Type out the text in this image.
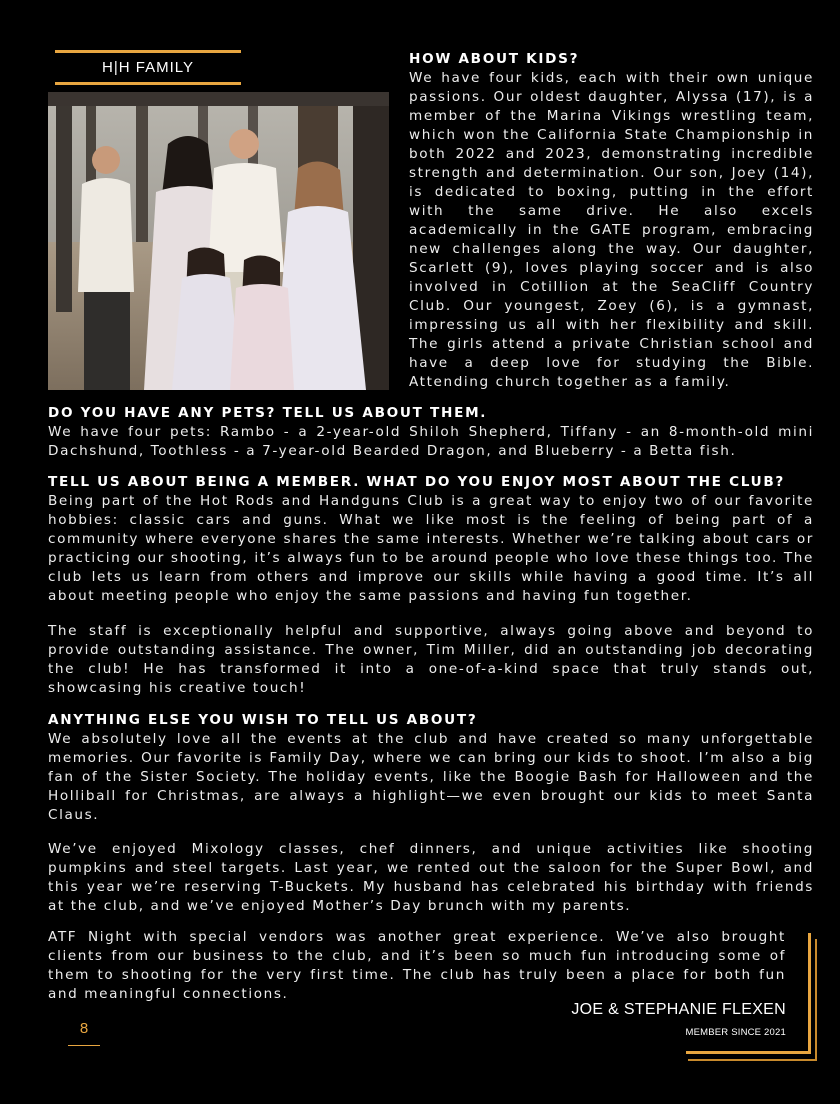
H|H FAMILY	HOW ABOUT KIDS?

We have four kids, each with their own unique passions. Our oldest daughter, Alyssa (17), is a member of the Marina Vikings wrestling team, which won the California State Championship in both 2022 and 2023, demonstrating incredible strength and determination. Our son, Joey (14), is dedicated to boxing, putting in the effort with the same drive. He also excels academically in the GATE program, embracing new challenges along the way. Our daughter, Scarlett (9), loves playing soccer and is also involved in Cotillion at the SeaCliff Country Club. Our youngest, Zoey (6), is a gymnast, impressing us all with her flexibility and skill. The girls attend a private Christian school and have a deep love for studying the Bible. Attending church together as a family.

DO YOU HAVE ANY PETS? TELL US ABOUT THEM.

We have four pets: Rambo - a 2-year-old Shiloh Shepherd, Tiffany - an 8-month-old mini Dachshund, Toothless - a 7-year-old Bearded Dragon, and Blueberry - a Betta fish.

TELL US ABOUT BEING A MEMBER. WHAT DO YOU ENJOY MOST ABOUT THE CLUB?

Being part of the Hot Rods and Handguns Club is a great way to enjoy two of our favorite hobbies: classic cars and guns. What we like most is the feeling of being part of a community where everyone shares the same interests. Whether we’re talking about cars or practicing our shooting, it’s always fun to be around people who love these things too. The club lets us learn from others and improve our skills while having a good time. It’s all about meeting people who enjoy the same passions and having fun together.

The staff is exceptionally helpful and supportive, always going above and beyond to provide outstanding assistance. The owner, Tim Miller, did an outstanding job decorating the club! He has transformed it into a one-of-a-kind space that truly stands out, showcasing his creative touch!

ANYTHING ELSE YOU WISH TO TELL US ABOUT?

We absolutely love all the events at the club and have created so many unforgettable memories. Our favorite is Family Day, where we can bring our kids to shoot. I’m also a big fan of the Sister Society. The holiday events, like the Boogie Bash for Halloween and the Holliball for Christmas, are always a highlight—we even brought our kids to meet Santa Claus.

We’ve enjoyed Mixology classes, chef dinners, and unique activities like shooting pumpkins and steel targets. Last year, we rented out the saloon for the Super Bowl, and this year we’re reserving T-Buckets. My husband has celebrated his birthday with friends at the club, and we’ve enjoyed Mother’s Day brunch with my parents.

ATF Night with special vendors was another great experience. We’ve also brought clients from our business to the club, and it’s been so much fun introducing some of them to shooting for the very first time. The club has truly been a place for both fun and meaningful connections.

JOE & STEPHANIE FLEXEN
MEMBER SINCE 2021
8
